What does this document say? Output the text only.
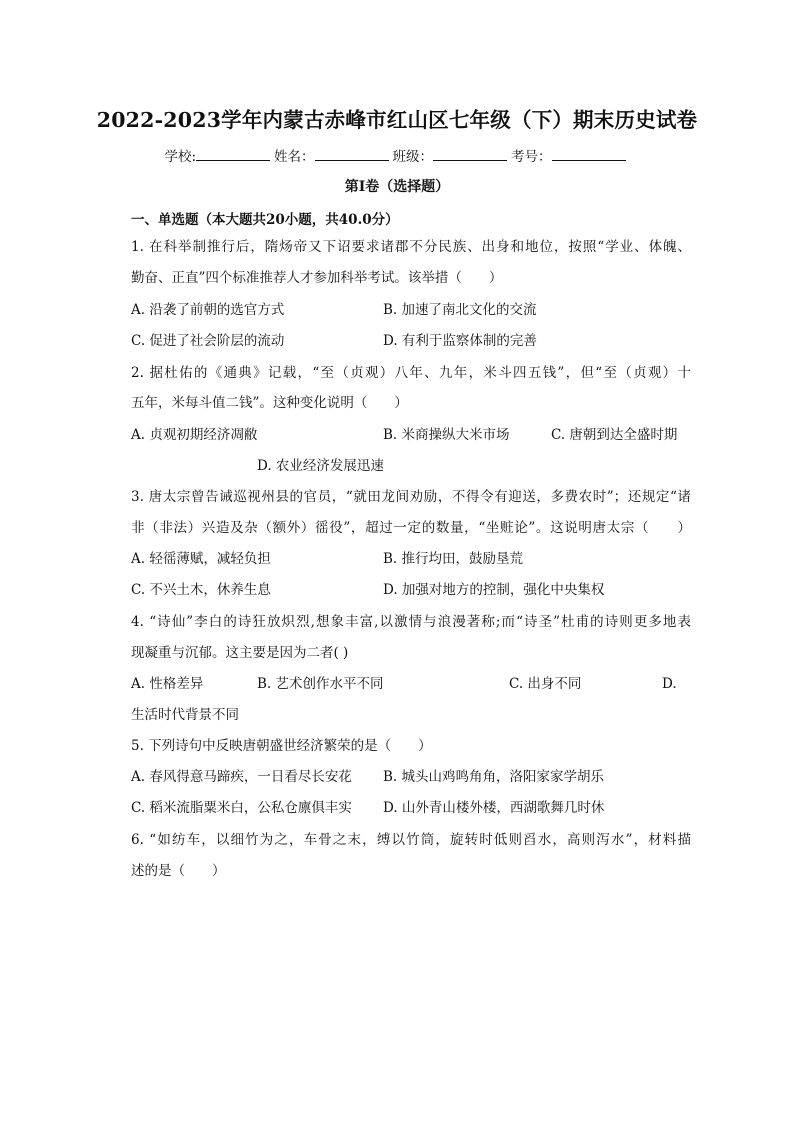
2022-2023学年内蒙古赤峰市红山区七年级（下）期末历史试卷
学校:	姓名：	班级：	考号：
第I卷（选择题）
一、单选题（本大题共20小题，共40.0分）
1. 在科举制推行后，隋炀帝又下诏要求诸郡不分民族、出身和地位，按照“学业、体魄、
勤奋、正直”四个标准推荐人才参加科举考试。该举措（　　）
A. 沿袭了前朝的选官方式	B. 加速了南北文化的交流
C. 促进了社会阶层的流动	D. 有利于监察体制的完善
2. 据杜佑的《通典》记载，“至（贞观）八年、九年，米斗四五钱”，但“至（贞观）十
五年，米每斗值二钱”。这种变化说明（　　）
A. 贞观初期经济凋敝	B. 米商操纵大米市场	C. 唐朝到达全盛时期
D. 农业经济发展迅速
3. 唐太宗曾告诫巡视州县的官员，“就田龙间劝励，不得令有迎送，多费农时”；还规定“诸
非（非法）兴造及杂（额外）徭役”，超过一定的数量，“坐赃论”。这说明唐太宗（　　）
A. 轻徭薄赋，减轻负担	B. 推行均田，鼓励垦荒
C. 不兴土木，休养生息	D. 加强对地方的控制，强化中央集权
4. “诗仙”李白的诗狂放炽烈,想象丰富,以激情与浪漫著称;而“诗圣”杜甫的诗则更多地表
现凝重与沉郁。这主要是因为二者( )
A. 性格差异	B. 艺术创作水平不同	C. 出身不同	D.
生活时代背景不同
5. 下列诗句中反映唐朝盛世经济繁荣的是（　　）
A. 春风得意马蹄疾，一日看尽长安花 B. 城头山鸡鸣角角，洛阳家家学胡乐
C. 稻米流脂粟米白，公私仓廪俱丰实 D. 山外青山楼外楼，西湖歌舞几时休
6. “如纺车，以细竹为之，车骨之末，缚以竹筒，旋转时低则舀水，高则泻水”，材料描
述的是（　　）
